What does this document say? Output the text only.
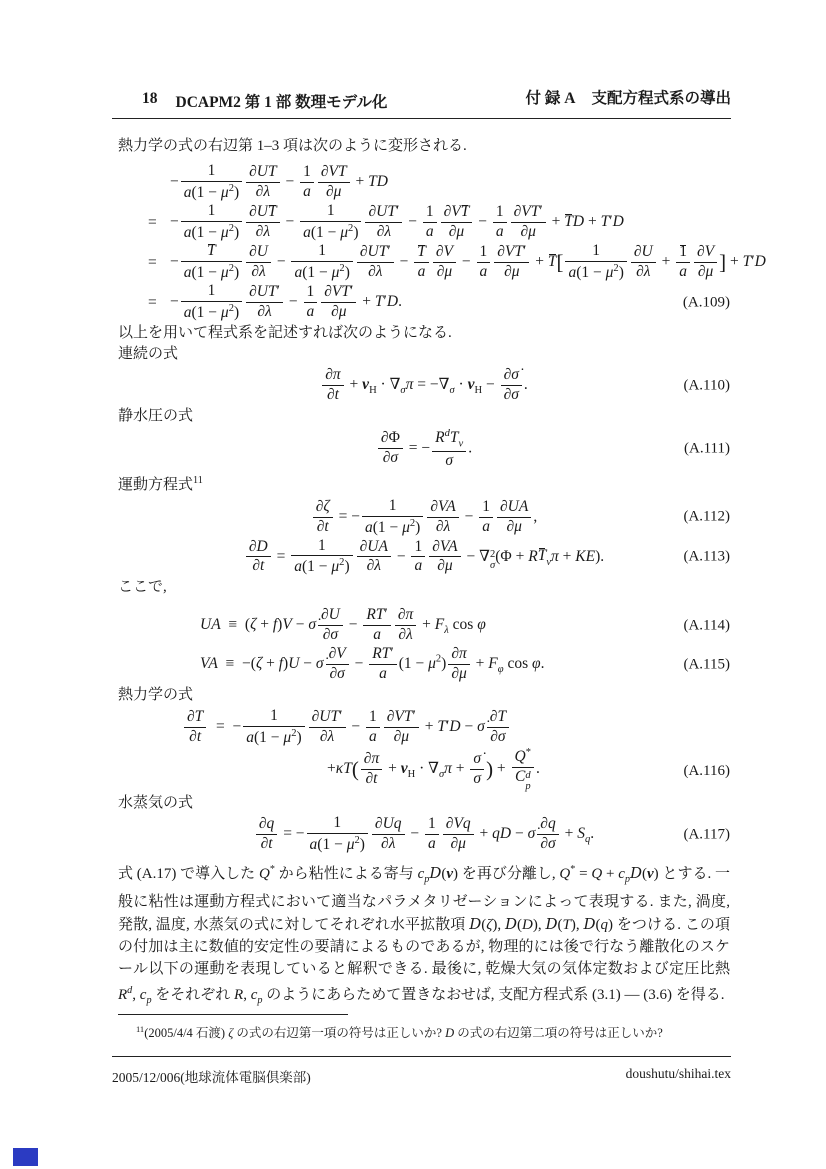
18 DCAPM2 第 1 部 数理モデル化	付 録 A 支配方程式系の導出

熱力学の式の右辺第 1–3 項は次のように変形される.

− $\frac{1}{a(1 - \mu^2)} \frac{\partial UT}{\partial\lambda} - \frac{1}{a} \frac{\partial VT}{\partial\mu}$ + TD
= − $\frac{1}{a(1 - \mu^2)} \frac{\partial UT}{\partial\lambda} - \frac{1}{a(1 - \mu^2)} \frac{\partial UT'}{\partial\lambda} - \frac{1}{a} \frac{\partial VT}{\partial\mu} - \frac{1}{a} \frac{\partial VT'}{\partial\mu}$ + TD + T′D
= − $\frac{T}{a(1 - \mu^2)} \frac{\partial U}{\partial\lambda} - \frac{1}{a(1 - \mu^2)} \frac{\partial UT'}{\partial\lambda} - \frac{T}{a} \frac{\partial V}{\partial\mu} - \frac{1}{a} \frac{\partial VT'}{\partial\mu} + T[ \frac{1}{a(1 - \mu^2)} \frac{\partial U}{\partial\lambda} + \frac{1}{a} \frac{\partial V}{\partial\mu}$ ] + T′D
= − $\frac{1}{a(1 - \mu^2)} \frac{\partial UT'}{\partial\lambda} - \frac{1}{a} \frac{\partial VT'}{\partial\mu} + T'D$.	(A.109)

以上を用いて程式系を記述すれば次のようになる.

連続の式

$\frac{\partial\pi}{\partial t} + v_H \cdot \nabla_\sigma\pi = -\nabla_\sigma \cdot v_H - \frac{\partial\sigmȧ}{\partial\sigma}$ .	(A.110)

静水圧の式

$\frac{\partial\Phi}{\partial\sigma}$ = −
$R^dT_v$
σ
.	(A.111)

運動方程式$^{11}$

$\frac{\partial\zeta}{\partial t}$ = − $\frac{1}{a(1 - \mu^2)} \frac{\partial VA}{\partial\lambda} - \frac{1}{a} \frac{\partial UA}{\partial\mu}$ ,	(A.112)
$\frac{\partial D}{\partial t} = \frac{1}{a(1 - \mu^2)} \frac{\partial UA}{\partial\lambda} - \frac{1}{a} \frac{\partial VA}{\partial\mu}$ − ∇ 2
σ
$(\Phi + RT_v\pi + KE)$.	(A.113)

ここで,

UA ≡ (ζ + f)V − σ̇ $\frac{\partial U}{\partial\sigma} - \frac{RT'}{a} \frac{\partial\pi}{\partial\lambda} + F_\lambda$ cos φ	(A.114)
VA ≡ −(ζ + f)U − σ̇ $\frac{\partial V}{\partial\sigma} - \frac{RT'}{a} (1 - \mu^2) \frac{\partial\pi}{\partial\mu} + F_\varphi$ cos φ.	(A.115)

熱力学の式

$\frac{\partial T}{\partial t}$  = − $\frac{1}{a(1 - \mu^2)} \frac{\partial UT'}{\partial\lambda} - \frac{1}{a} \frac{\partial VT'}{\partial\mu} + T'D$ − σ̇ $\frac{\partial T}{\partial\sigma}$
$+\kappa T( \frac{\partial\pi}{\partial t} + v_H \cdot \nabla_\sigma\pi + \frac{\sigmȧ}{\sigma}$ ) +
Q*
C d
p
.	(A.116)

水蒸気の式

$\frac{\partial q}{\partial t}$ = − $\frac{1}{a(1 - \mu^2)} \frac{\partial Uq}{\partial\lambda} - \frac{1}{a} \frac{\partial Vq}{\partial\mu}$ + qD − σ̇ $\frac{\partial q}{\partial\sigma} + S_q$.	(A.117)

式 (A.17) で導入した Q* から粘性による寄与 $c_pD(v)$ を再び分離し, $Q^* = Q + c_pD(v)$ とする. 一般に粘性は運動方程式において適当なパラメタリゼーションによって表現する. また, 渦度, 発散, 温度, 水蒸気の式に対してそれぞれ水平拡散項 D(ζ), D(D), D(T), D(q) をつける. この項の付加は主に数値的安定性の要請によるものであるが, 物理的には後で行なう離散化のスケール以下の運動を表現していると解釈できる. 最後に, 乾燥大気の気体定数および定圧比熱 $R^d$, $c_p$ をそれぞれ R, $c_p$ のようにあらためて置きなおせば, 支配方程式系 (3.1) — (3.6) を得る.

$^{11}$(2005/4/4 石渡) ζ の式の右辺第一項の符号は正しいか? D の式の右辺第二項の符号は正しいか?
2005/12/006(地球流体電脳倶楽部)	doushutu/shihai.tex
